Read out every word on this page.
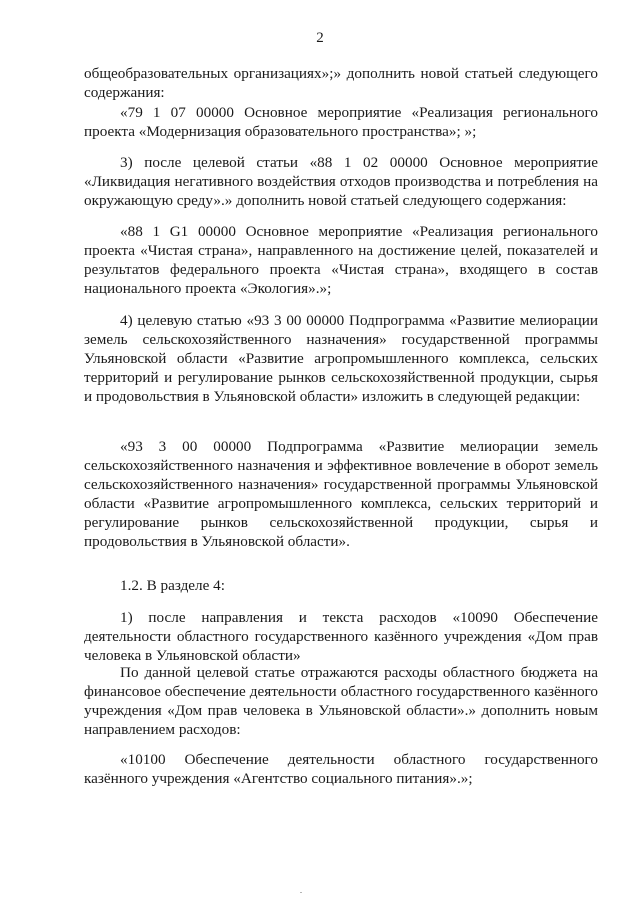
2

общеобразовательных организациях»;» дополнить новой статьей следующего содержания:

«79 1 07 00000 Основное мероприятие «Реализация регионального проекта «Модернизация образовательного пространства»; »;

3) после целевой статьи «88 1 02 00000 Основное мероприятие «Ликвидация негативного воздействия отходов производства и потребления на окружающую среду».» дополнить новой статьей следующего содержания:

«88 1 G1 00000 Основное мероприятие «Реализация регионального проекта «Чистая страна», направленного на достижение целей, показателей и результатов федерального проекта «Чистая страна», входящего в состав национального проекта «Экология».»;

4) целевую статью «93 3 00 00000 Подпрограмма «Развитие мелиорации земель сельскохозяйственного назначения» государственной программы Ульяновской области «Развитие агропромышленного комплекса, сельских территорий и регулирование рынков сельскохозяйственной продукции, сырья и продовольствия в Ульяновской области» изложить в следующей редакции:

«93 3 00 00000 Подпрограмма «Развитие мелиорации земель сельскохозяйственного назначения и эффективное вовлечение в оборот земель сельскохозяйственного назначения» государственной программы Ульяновской области «Развитие агропромышленного комплекса, сельских территорий и регулирование рынков сельскохозяйственной продукции, сырья и продовольствия в Ульяновской области».

1.2. В разделе 4:

1) после направления и текста расходов «10090 Обеспечение деятельности областного государственного казённого учреждения «Дом прав человека в Ульяновской области»

По данной целевой статье отражаются расходы областного бюджета на финансовое обеспечение деятельности областного государственного казённого учреждения «Дом прав человека в Ульяновской области».» дополнить новым направлением расходов:

«10100 Обеспечение деятельности областного государственного казённого учреждения «Агентство социального питания».»;
